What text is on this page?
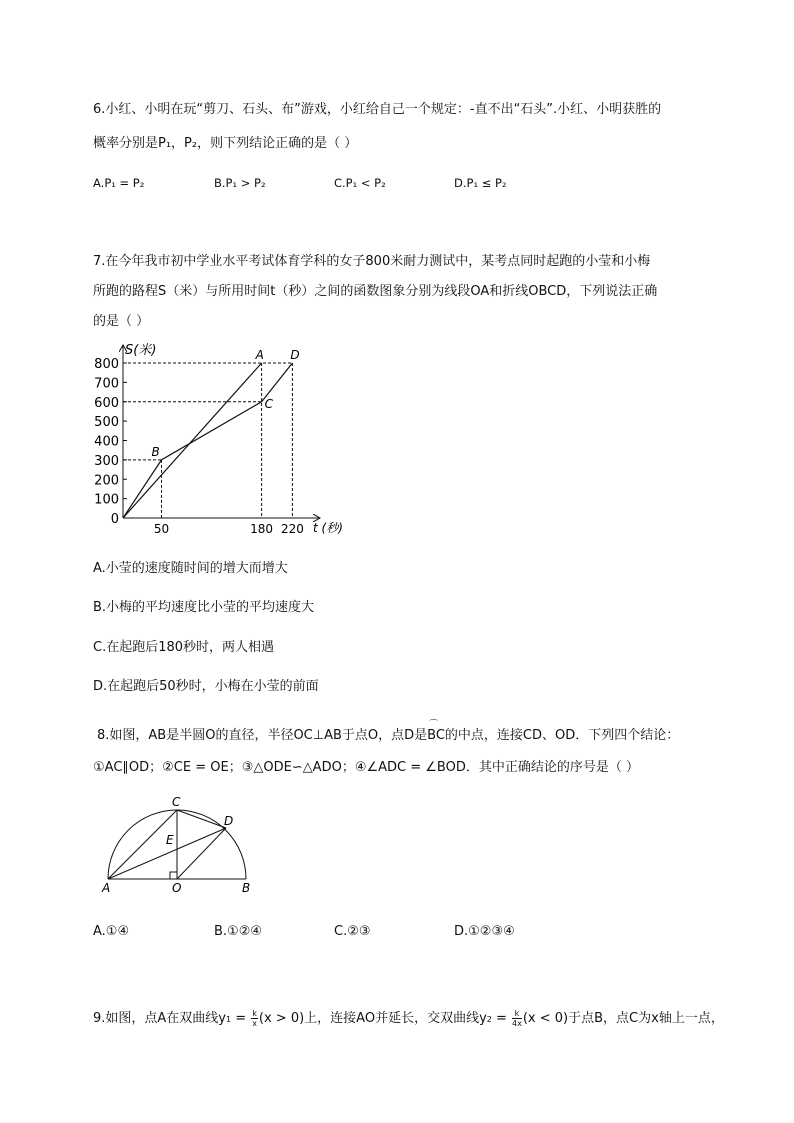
6.小红、小明在玩“剪刀、石头、布”游戏，小红给自己一个规定：-直不出“石头”.小红、小明获胜的
概率分别是P₁，P₂，则下列结论正确的是（ ）
A.P₁ = P₂	B.P₁ > P₂	C.P₁ < P₂	D.P₁ ≤ P₂
7.在今年我市初中学业水平考试体育学科的女子800米耐力测试中，某考点同时起跑的小莹和小梅
所跑的路程S（米）与所用时间t（秒）之间的函数图象分别为线段OA和折线OBCD，下列说法正确
的是（ ）
0
100
200
300
400
500
600
700
800
50	180 220
A
B
C
D
S(米)
t (秒)
A.小莹的速度随时间的增大而增大
B.小梅的平均速度比小莹的平均速度大
C.在起跑后180秒时，两人相遇
D.在起跑后50秒时，小梅在小莹的前面
8.如图，AB是半圆O的直径，半径OC⊥AB于点O，点D是
⌒
BC的中点，连接CD、OD．下列四个结论：
①AC∥OD；②CE = OE；③△ODE∽△ADO；④∠ADC = ∠BOD．其中正确结论的序号是（ ）
C
D
E
A	O	B
A.①④	B.①②④	C.②③	D.①②③④
9.如图，点A在双曲线$y1 = \frac{k}{x} (x > 0)$上，连接AO并延长，交双曲线$y2 = \frac{k}{4x} (x < 0)$于点B，点C为x轴上一点，
